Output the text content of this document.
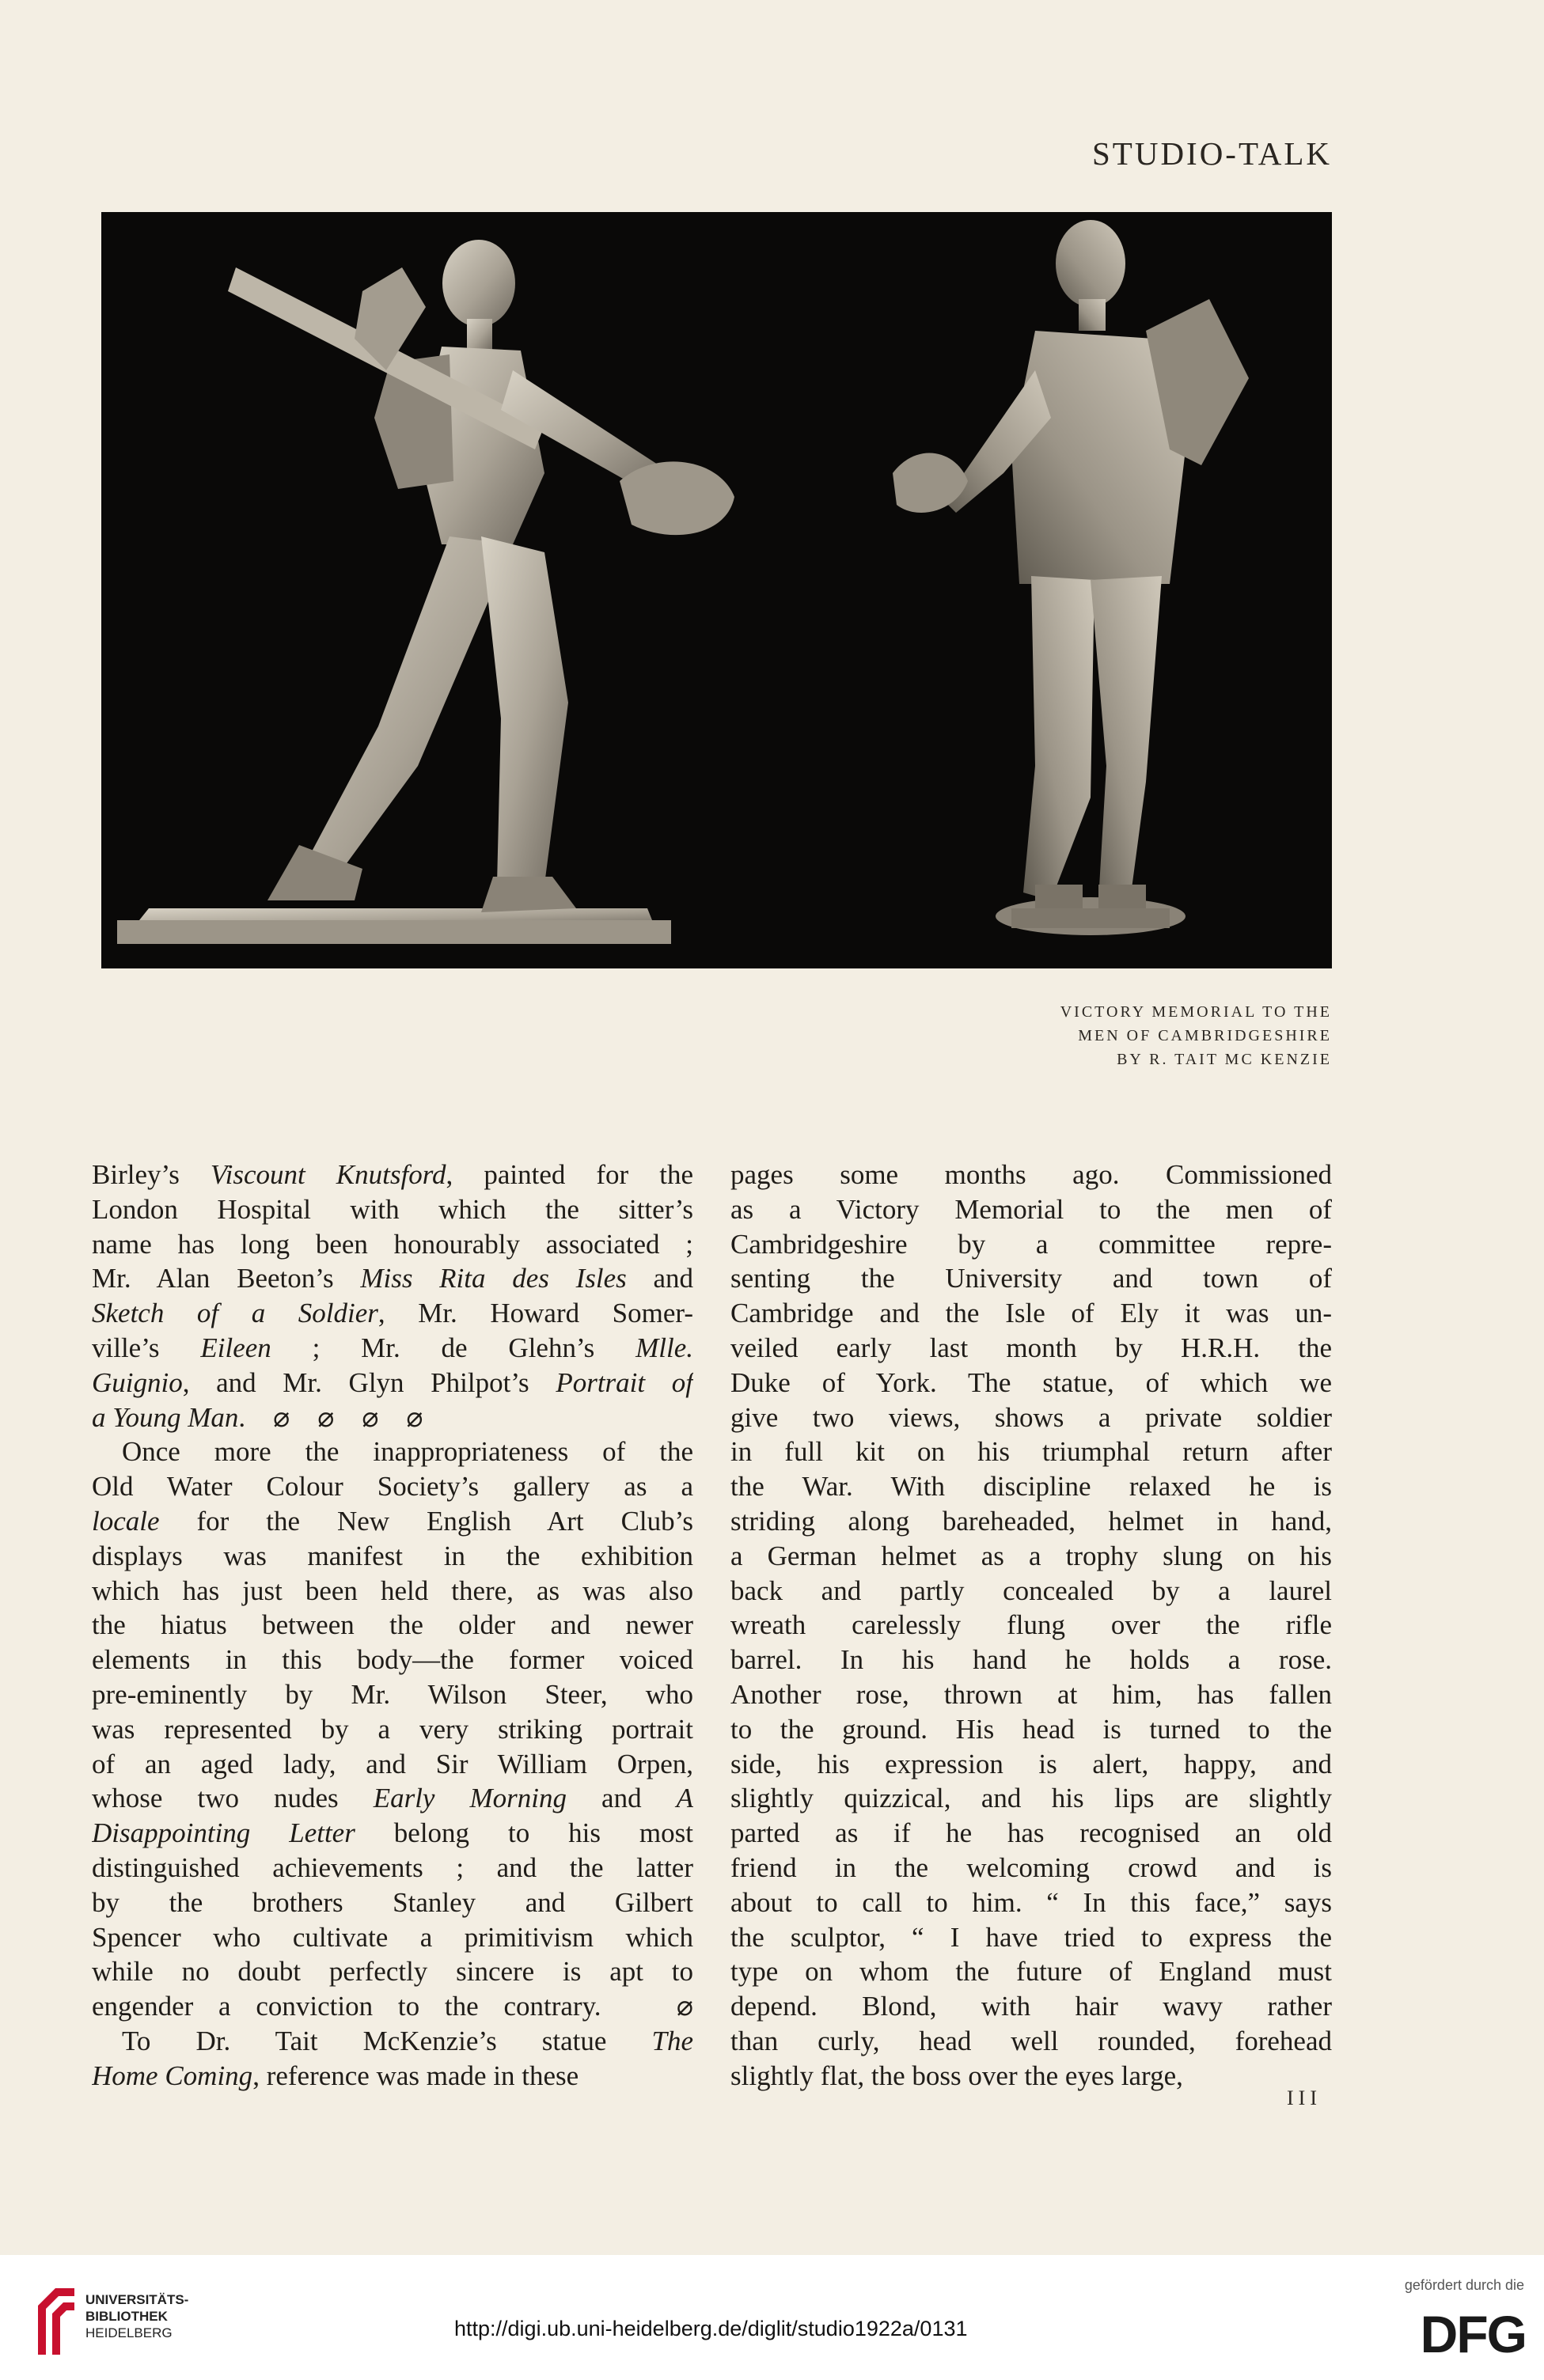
STUDIO-TALK
VICTORY MEMORIAL TO THE
MEN OF CAMBRIDGESHIRE
BY R. TAIT MC KENZIE
Birley’s Viscount Knutsford, painted for the
London Hospital with which the sitter’s
name has long been honourably associated ;
Mr. Alan Beeton’s Miss Rita des Isles and
Sketch of a Soldier, Mr. Howard Somer-
ville’s Eileen ; Mr. de Glehn’s Mlle.
Guignio, and Mr. Glyn Philpot’s Portrait of
a Young Man.    ⌀    ⌀    ⌀    ⌀
Once more the inappropriateness of the
Old Water Colour Society’s gallery as a
locale for the New English Art Club’s
displays was manifest in the exhibition
which has just been held there, as was also
the hiatus between the older and newer
elements in this body—the former voiced
pre-eminently by Mr. Wilson Steer, who
was represented by a very striking portrait
of an aged lady, and Sir William Orpen,
whose two nudes Early Morning and A
Disappointing Letter belong to his most
distinguished achievements ; and the latter
by the brothers Stanley and Gilbert
Spencer who cultivate a primitivism which
while no doubt perfectly sincere is apt to
engender a conviction to the contrary.   ⌀
To Dr. Tait McKenzie’s statue The
Home Coming, reference was made in these
pages some months ago. Commissioned
as a Victory Memorial to the men of
Cambridgeshire by a committee repre-
senting the University and town of
Cambridge and the Isle of Ely it was un-
veiled early last month by H.R.H. the
Duke of York. The statue, of which we
give two views, shows a private soldier
in full kit on his triumphal return after
the War. With discipline relaxed he is
striding along bareheaded, helmet in hand,
a German helmet as a trophy slung on his
back and partly concealed by a laurel
wreath carelessly flung over the rifle
barrel. In his hand he holds a rose.
Another rose, thrown at him, has fallen
to the ground. His head is turned to the
side, his expression is alert, happy, and
slightly quizzical, and his lips are slightly
parted as if he has recognised an old
friend in the welcoming crowd and is
about to call to him. “ In this face,” says
the sculptor, “ I have tried to express the
type on whom the future of England must
depend. Blond, with hair wavy rather
than curly, head well rounded, forehead
slightly flat, the boss over the eyes large,
III
UNIVERSITÄTS-
BIBLIOTHEK
HEIDELBERG	http://digi.ub.uni-heidelberg.de/diglit/studio1922a/0131
gefördert durch die
DFG
